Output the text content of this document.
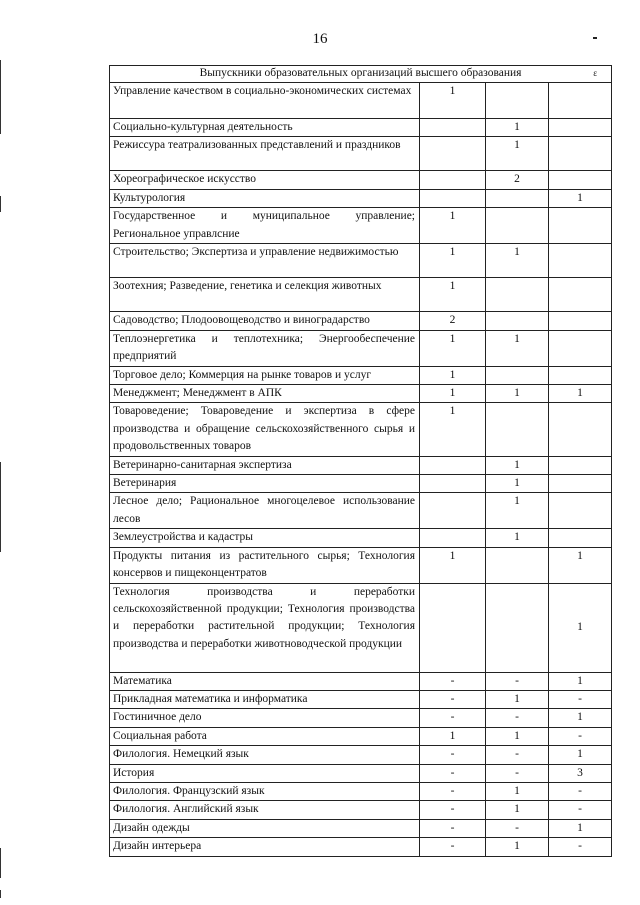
16
Выпускники образовательных организаций высшего образования ε			

Управление качеством в социально-экономических системах	1		
Социально-культурная деятельность		1	
Режиссура театрализованных представлений и праздников		1	
Хореографическое искусство		2	
Культурология			1
Государственное и муниципальное управление; Региональное управлсние	1		
Строительство; Экспертиза и управление недвижимостью	1	1	
Зоотехния; Разведение, генетика и селекция животных	1		
Садоводство; Плодоовощеводство и виноградарство	2		
Теплоэнергетика и теплотехника; Энергообеспечение предприятий	1	1	
Торговое дело; Коммерция на рынке товаров и услуг	1		
Менеджмент; Менеджмент в АПК	1	1	1
Товароведение; Товароведение и экспертиза в сфере производства и обращение сельскохозяйственного сырья и продовольственных товаров	1		
Ветеринарно-санитарная экспертиза		1	
Ветеринария		1	
Лесное дело; Рациональное многоцелевое использование лесов		1	
Землеустройства и кадастры		1	
Продукты питания из растительного сырья; Технология консервов и пищеконцентратов	1		1
Технология производства и переработки сельскохозяйственной продукции; Технология производства и переработки растительной продукции; Технология производства и переработки животноводческой продукции			1
Математика	-	-	1
Прикладная математика и информатика	-	1	-
Гостиничное дело	-	-	1
Социальная работа	1	1	-
Филология. Немецкий язык	-	-	1
История	-	-	3
Филология. Французский язык	-	1	-
Филология. Английский язык	-	1	-
Дизайн одежды	-	-	1
Дизайн интерьера	-	1	-
